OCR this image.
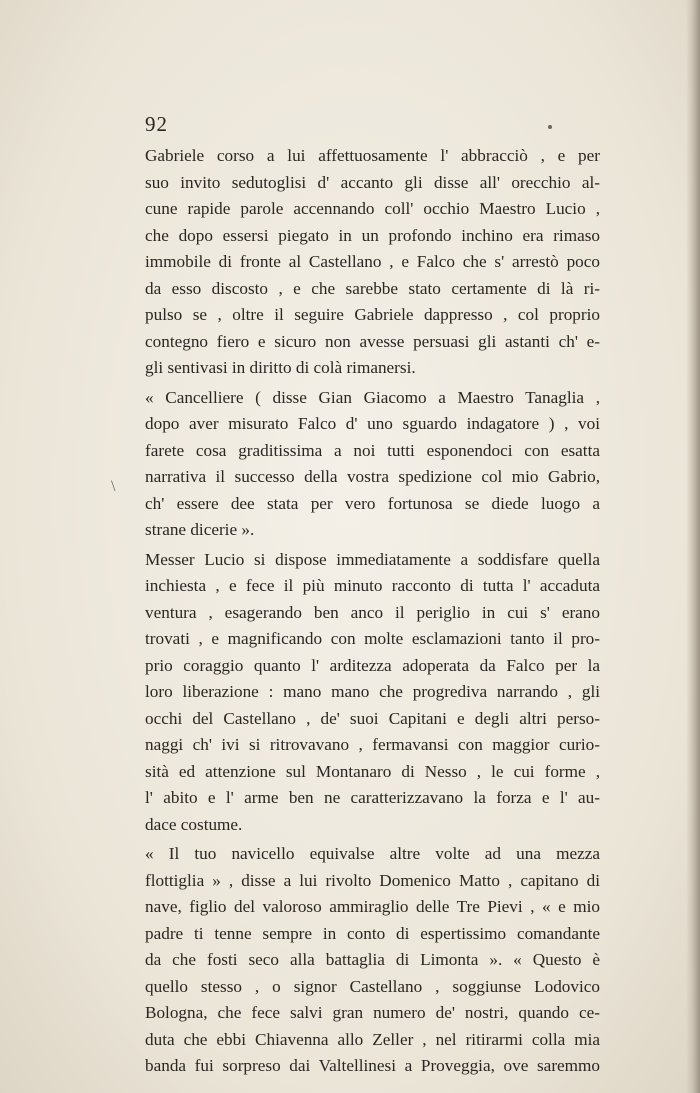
92
\

Gabriele corso a lui affettuosamente l' abbracciò , e per
suo invito sedutoglisi d' accanto gli disse all' orecchio al-
cune rapide parole accennando coll' occhio Maestro Lucio ,
che dopo essersi piegato in un profondo inchino era rimaso
immobile di fronte al Castellano , e Falco che s' arrestò poco
da esso discosto , e che sarebbe stato certamente di là ri-
pulso se , oltre il seguire Gabriele dappresso , col proprio
contegno fiero e sicuro non avesse persuasi gli astanti ch' e-
gli sentivasi in diritto di colà rimanersi.

« Cancelliere ( disse Gian Giacomo a Maestro Tanaglia ,
dopo aver misurato Falco d' uno sguardo indagatore ) , voi
farete cosa graditissima a noi tutti esponendoci con esatta
narrativa il successo della vostra spedizione col mio Gabrio,
ch' essere dee stata per vero fortunosa se diede luogo a
strane dicerie ».

Messer Lucio si dispose immediatamente a soddisfare quella
inchiesta , e fece il più minuto racconto di tutta l' accaduta
ventura , esagerando ben anco il periglio in cui s' erano
trovati , e magnificando con molte esclamazioni tanto il pro-
prio coraggio quanto l' arditezza adoperata da Falco per la
loro liberazione : mano mano che progrediva narrando , gli
occhi del Castellano , de' suoi Capitani e degli altri perso-
naggi ch' ivi si ritrovavano , fermavansi con maggior curio-
sità ed attenzione sul Montanaro di Nesso , le cui forme ,
l' abito e l' arme ben ne caratterizzavano la forza e l' au-
dace costume.

« Il tuo navicello equivalse altre volte ad una mezza
flottiglia » , disse a lui rivolto Domenico Matto , capitano di
nave, figlio del valoroso ammiraglio delle Tre Pievi , « e mio
padre ti tenne sempre in conto di espertissimo comandante
da che fosti seco alla battaglia di Limonta ». « Questo è
quello stesso , o signor Castellano , soggiunse Lodovico
Bologna, che fece salvi gran numero de' nostri, quando ce-
duta che ebbi Chiavenna allo Zeller , nel ritirarmi colla mia
banda fui sorpreso dai Valtellinesi a Proveggia, ove saremmo
